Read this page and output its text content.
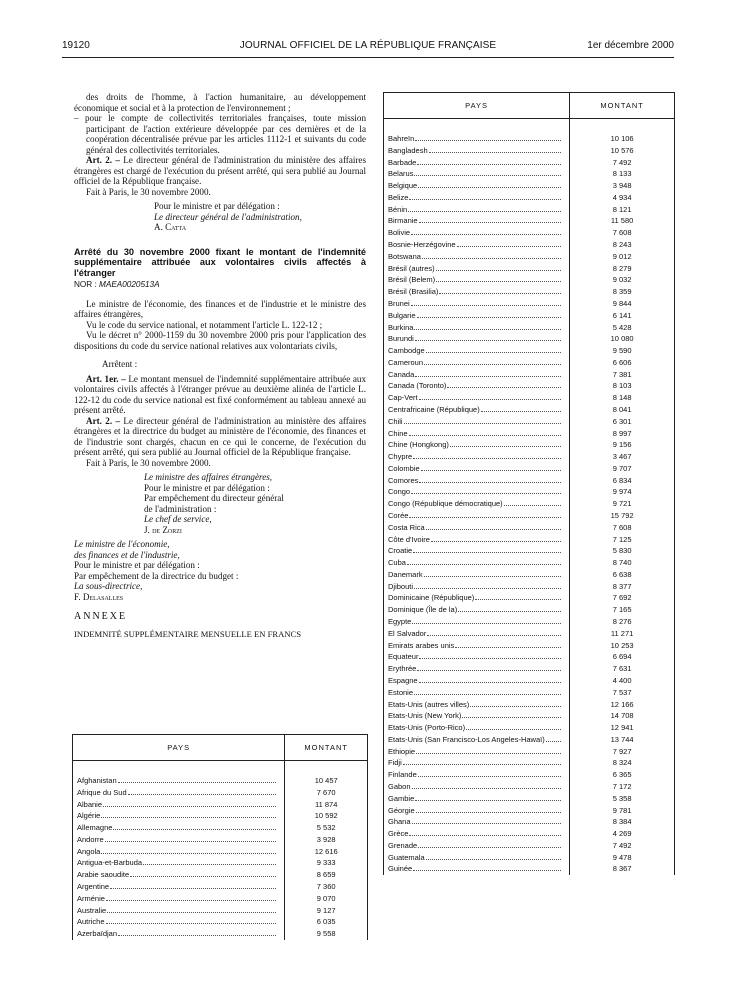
19120	JOURNAL OFFICIEL DE LA RÉPUBLIQUE FRANÇAISE	1er décembre 2000

des droits de l'homme, à l'action humanitaire, au développement économique et social et à la protection de l'environnement ;

– pour le compte de collectivités territoriales françaises, toute mission participant de l'action extérieure développée par ces dernières et de la coopération décentralisée prévue par les articles 1112-1 et suivants du code général des collectivités territoriales.

Art. 2. – Le directeur général de l'administration du ministère des affaires étrangères est chargé de l'exécution du présent arrêté, qui sera publié au Journal officiel de la République française.

Fait à Paris, le 30 novembre 2000.

Pour le ministre et par délégation :

Le directeur général de l'administration,

A. Catta

Arrêté du 30 novembre 2000 fixant le montant de l'indemnité supplémentaire attribuée aux volontaires civils affectés à l'étranger

NOR : MAEA0020513A

Le ministre de l'économie, des finances et de l'industrie et le ministre des affaires étrangères,

Vu le code du service national, et notamment l'article L. 122-12 ;

Vu le décret n° 2000-1159 du 30 novembre 2000 pris pour l'application des dispositions du code du service national relatives aux volontariats civils,

Arrêtent :

Art. 1er. – Le montant mensuel de l'indemnité supplémentaire attribuée aux volontaires civils affectés à l'étranger prévue au deuxième alinéa de l'article L. 122-12 du code du service national est fixé conformément au tableau annexé au présent arrêté.

Art. 2. – Le directeur général de l'administration au ministère des affaires étrangères et la directrice du budget au ministère de l'économie, des finances et de l'industrie sont chargés, chacun en ce qui le concerne, de l'exécution du présent arrêté, qui sera publié au Journal officiel de la République française.

Fait à Paris, le 30 novembre 2000.

Le ministre des affaires étrangères,

Pour le ministre et par délégation :

Par empêchement du directeur général

de l'administration :

Le chef de service,

J. de Zorzi

Le ministre de l'économie,

des finances et de l'industrie,

Pour le ministre et par délégation :

Par empêchement de la directrice du budget :

La sous-directrice,

F. Delasalles

ANNEXE

INDEMNITÉ SUPPLÉMENTAIRE MENSUELLE EN FRANCS

PAYS	MONTANT

Afghanistan	10 457

Afrique du Sud	7 670

Albanie	11 874

Algérie	10 592

Allemagne	5 532

Andorre	3 928

Angola	12 616

Antigua-et-Barbuda	9 333

Arabie saoudite	8 659

Argentine	7 360

Arménie	9 070

Australie	9 127

Autriche	6 035

Azerbaïdjan	9 558
PAYS	MONTANT

Bahreïn	10 106

Bangladesh	10 576

Barbade	7 492

Belarus	8 133

Belgique	3 948

Belize	4 934

Bénin	8 121

Birmanie	11 580

Bolivie	7 608

Bosnie-Herzégovine	8 243

Botswana	9 012

Brésil (autres)	8 279

Brésil (Belem)	9 032

Brésil (Brasilia)	8 359

Brunei	9 844

Bulgarie	6 141

Burkina	5 428

Burundi	10 080

Cambodge	9 590

Cameroun	6 606

Canada	7 381

Canada (Toronto)	8 103

Cap-Vert	8 148

Centrafricaine (République)	8 041

Chili	6 301

Chine	8 997

Chine (Hongkong)	9 156

Chypre	3 467

Colombie	9 707

Comores	6 834

Congo	9 974

Congo (République démocratique)	9 721

Corée	15 792

Costa Rica	7 608

Côte d'Ivoire	7 125

Croatie	5 830

Cuba	8 740

Danemark	6 638

Djibouti	8 377

Dominicaine (République)	7 692

Dominique (Île de la)	7 165

Egypte	8 276

El Salvador	11 271

Emirats arabes unis	10 253

Equateur	6 694

Erythrée	7 631

Espagne	4 400

Estonie	7 537

Etats-Unis (autres villes)	12 166

Etats-Unis (New York)	14 708

Etats-Unis (Porto-Rico)	12 941

Etats-Unis (San Francisco-Los Angeles-Hawaï)	13 744

Ethiopie	7 927

Fidji	8 324

Finlande	6 365

Gabon	7 172

Gambie	5 358

Géorgie	9 781

Ghana	8 384

Grèce	4 269

Grenade	7 492

Guatemala	9 478

Guinée	8 367
